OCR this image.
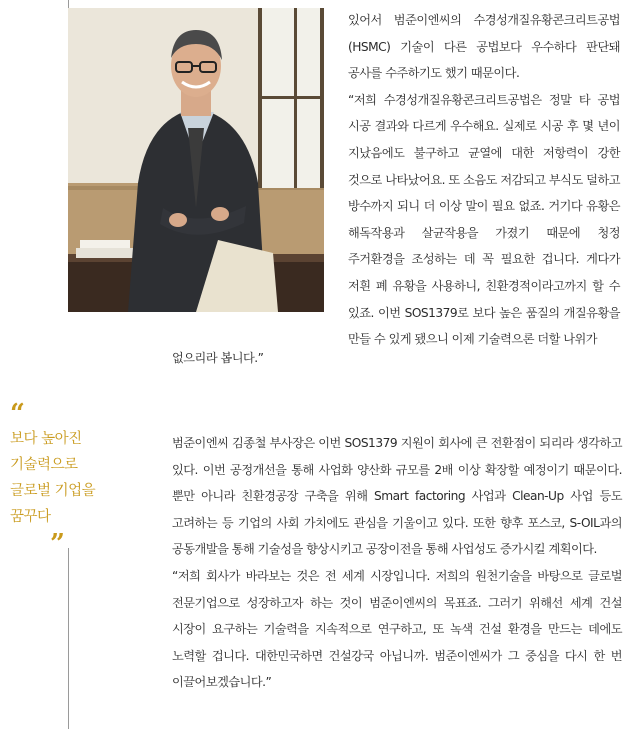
있어서 범준이엔씨의 수경성개질유황콘크리트공법(HSMC) 기술이 다른 공법보다 우수하다 판단돼 공사를 수주하기도 했기 때문이다.

“저희 수경성개질유황콘크리트공법은 정말 타 공법 시공 결과와 다르게 우수해요. 실제로 시공 후 몇 년이 지났음에도 불구하고 균열에 대한 저항력이 강한 것으로 나타났어요. 또 소음도 저감되고 부식도 덜하고 방수까지 되니 더 이상 말이 필요 없죠. 거기다 유황은 해독작용과 살균작용을 가졌기 때문에 청정 주거환경을 조성하는 데 꼭 필요한 겁니다. 게다가 저흰 폐 유황을 사용하니, 친환경적이라고까지 할 수 있죠. 이번 SOS1379로 보다 높은 품질의 개질유황을 만들 수 있게 됐으니 이제 기술력으론 더할 나위가

없으리라 봅니다.”

“
보다 높아진
기술력으로
글로벌 기업을
꿈꾸다
”

범준이엔씨 김종철 부사장은 이번 SOS1379 지원이 회사에 큰 전환점이 되리라 생각하고 있다. 이번 공정개선을 통해 사업화 양산화 규모를 2배 이상 확장할 예정이기 때문이다. 뿐만 아니라 친환경공장 구축을 위해 Smart factoring 사업과 Clean-Up 사업 등도 고려하는 등 기업의 사회 가치에도 관심을 기울이고 있다. 또한 향후 포스코, S-OIL과의 공동개발을 통해 기술성을 향상시키고 공장이전을 통해 사업성도 증가시킬 계획이다.

“저희 회사가 바라보는 것은 전 세계 시장입니다. 저희의 원천기술을 바탕으로 글로벌 전문기업으로 성장하고자 하는 것이 범준이엔씨의 목표죠. 그러기 위해선 세계 건설 시장이 요구하는 기술력을 지속적으로 연구하고, 또 녹색 건설 환경을 만드는 데에도 노력할 겁니다. 대한민국하면 건설강국 아닙니까. 범준이엔씨가 그 중심을 다시 한 번 이끌어보겠습니다.”
